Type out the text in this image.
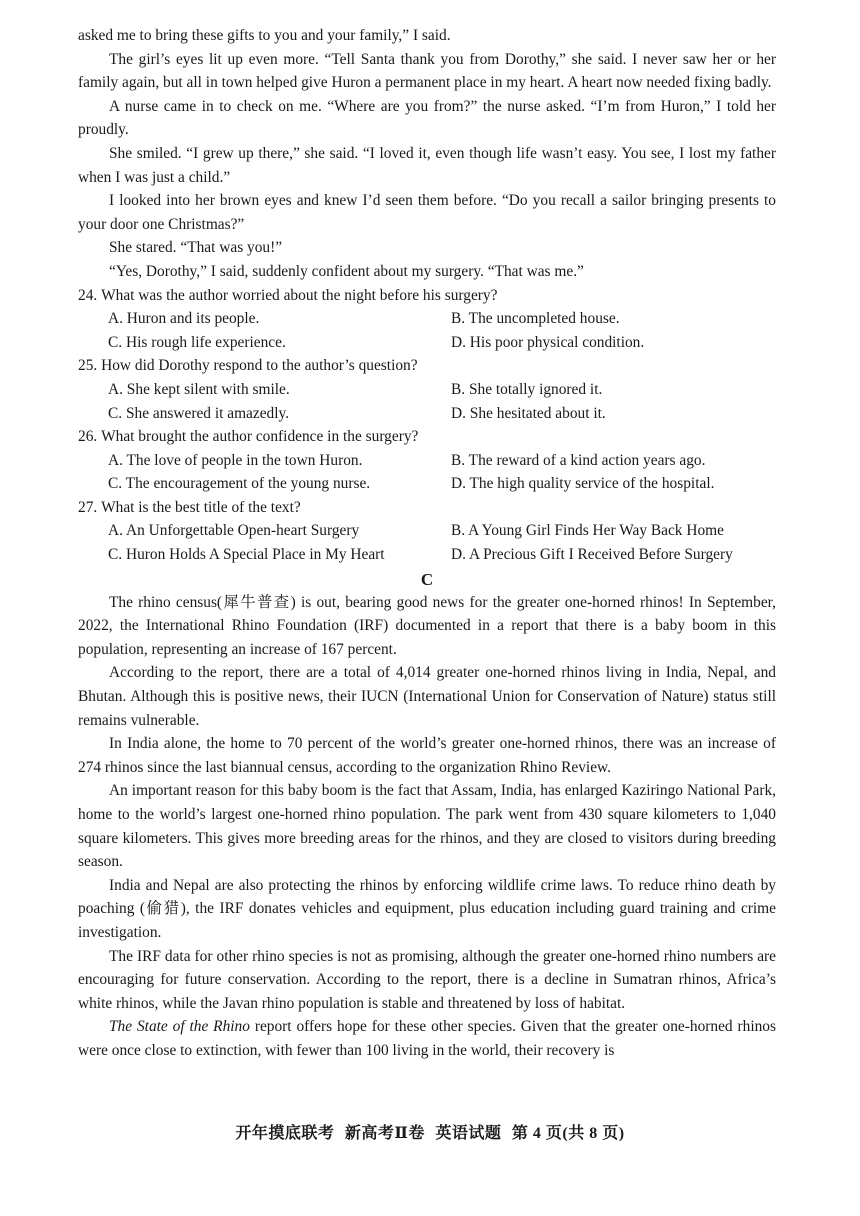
asked me to bring these gifts to you and your family,” I said.

The girl’s eyes lit up even more. “Tell Santa thank you from Dorothy,” she said. I never saw her or her family again, but all in town helped give Huron a permanent place in my heart. A heart now needed fixing badly.

A nurse came in to check on me. “Where are you from?” the nurse asked. “I’m from Huron,” I told her proudly.

She smiled. “I grew up there,” she said. “I loved it, even though life wasn’t easy. You see, I lost my father when I was just a child.”

I looked into her brown eyes and knew I’d seen them before. “Do you recall a sailor bringing presents to your door one Christmas?”

She stared. “That was you!”

“Yes, Dorothy,” I said, suddenly confident about my surgery. “That was me.”

24.
What was the author worried about the night before his surgery?
A. Huron and its people.	B. The uncompleted house.
C. His rough life experience.	D. His poor physical condition.
25.
How did Dorothy respond to the author’s question?
A. She kept silent with smile.	B. She totally ignored it.
C. She answered it amazedly.	D. She hesitated about it.
26.
What brought the author confidence in the surgery?
A. The love of people in the town Huron.	B. The reward of a kind action years ago.
C. The encouragement of the young nurse.	D. The high quality service of the hospital.
27.
What is the best title of the text?
A. An Unforgettable Open-heart Surgery	B. A Young Girl Finds Her Way Back Home
C. Huron Holds A Special Place in My Heart	D. A Precious Gift I Received Before Surgery
C

The rhino census(犀牛普查) is out, bearing good news for the greater one-horned rhinos! In September, 2022, the International Rhino Foundation (IRF) documented in a report that there is a baby boom in this population, representing an increase of 167 percent.

According to the report, there are a total of 4,014 greater one-horned rhinos living in India, Nepal, and Bhutan. Although this is positive news, their IUCN (International Union for Conservation of Nature) status still remains vulnerable.

In India alone, the home to 70 percent of the world’s greater one-horned rhinos, there was an increase of 274 rhinos since the last biannual census, according to the organization Rhino Review.

An important reason for this baby boom is the fact that Assam, India, has enlarged Kaziringo National Park, home to the world’s largest one-horned rhino population. The park went from 430 square kilometers to 1,040 square kilometers. This gives more breeding areas for the rhinos, and they are closed to visitors during breeding season.

India and Nepal are also protecting the rhinos by enforcing wildlife crime laws. To reduce rhino death by poaching (偷猎), the IRF donates vehicles and equipment, plus education including guard training and crime investigation.

The IRF data for other rhino species is not as promising, although the greater one-horned rhino numbers are encouraging for future conservation. According to the report, there is a decline in Sumatran rhinos, Africa’s white rhinos, while the Javan rhino population is stable and threatened by loss of habitat.

The State of the Rhino report offers hope for these other species. Given that the greater one-horned rhinos were once close to extinction, with fewer than 100 living in the world, their recovery is

开年摸底联考 新高考Ⅱ卷 英语试题 第 4 页(共 8 页)
